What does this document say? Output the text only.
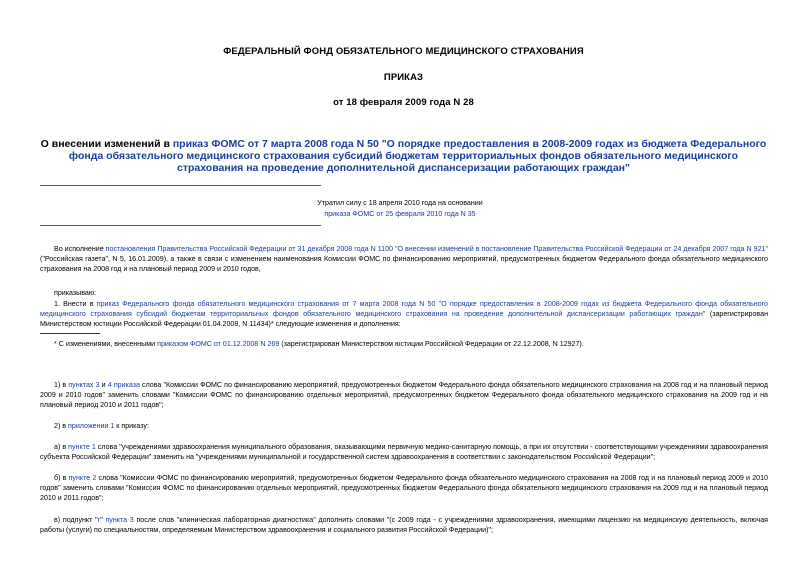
ФЕДЕРАЛЬНЫЙ ФОНД ОБЯЗАТЕЛЬНОГО МЕДИЦИНСКОГО СТРАХОВАНИЯ
ПРИКАЗ
от 18 февраля 2009 года N 28
О внесении изменений в приказ ФОМС от 7 марта 2008 года N 50 "О порядке предоставления в 2008-2009 годах из бюджета Федерального фонда обязательного медицинского страхования субсидий бюджетам территориальных фондов обязательного медицинского страхования на проведение дополнительной диспансеризации работающих граждан"
Утратил силу с 18 апреля 2010 года на основании
приказа ФОМС от 25 февраля 2010 года N 35
Во исполнение постановления Правительства Российской Федерации от 31 декабря 2008 года N 1100 "О внесении изменений в постановление Правительства Российской Федерации от 24 декабря 2007 года N 921" ("Российская газета", N 5, 16.01.2009), а также в связи с изменением наименования Комиссии ФОМС по финансированию мероприятий, предусмотренных бюджетом Федерального фонда обязательного медицинского страхования на 2008 год и на плановый период 2009 и 2010 годов,
приказываю:
1. Внести в приказ Федерального фонда обязательного медицинского страхования от 7 марта 2008 года N 50 "О порядке предоставления в 2008-2009 годах из бюджета Федерального фонда обязательного медицинского страхования субсидий бюджетам территориальных фондов обязательного медицинского страхования на проведение дополнительной диспансеризации работающих граждан" (зарегистрирован Министерством юстиции Российской Федерации 01.04.2008, N 11434)* следующие изменения и дополнения:
* С изменениями, внесенными приказом ФОМС от 01.12.2008 N 269 (зарегистрирован Министерством юстиции Российской Федерации от 22.12.2008, N 12927).
1) в пунктах 3 и 4 приказа слова "Комиссии ФОМС по финансированию мероприятий, предусмотренных бюджетом Федерального фонда обязательного медицинского страхования на 2008 год и на плановый период 2009 и 2010 годов" заменить словами "Комиссии ФОМС по финансированию отдельных мероприятий, предусмотренных бюджетом Федерального фонда обязательного медицинского страхования на 2009 год и на плановый период 2010 и 2011 годов";
2) в приложении 1 к приказу:
а) в пункте 1 слова "учреждениями здравоохранения муниципального образования, оказывающими первичную медико-санитарную помощь, а при их отсутствии - соответствующими учреждениями здравоохранения субъекта Российской Федерации" заменить на "учреждениями муниципальной и государственной систем здравоохранения в соответствии с законодательством Российской Федерации";
б) в пункте 2 слова "Комиссии ФОМС по финансированию мероприятий, предусмотренных бюджетом Федерального фонда обязательного медицинского страхования на 2008 год и на плановый период 2009 и 2010 годов" заменить словами "Комиссия ФОМС по финансированию отдельных мероприятий, предусмотренных бюджетом Федерального фонда обязательного медицинского страхования на 2009 год и на плановый период 2010 и 2011 годов";
в) подпункт "г" пункта 3 после слов "клиническая лабораторная диагностика" дополнить словами "(с 2009 года - с учреждениями здравоохранения, имеющими лицензию на медицинскую деятельность, включая работы (услуги) по специальностям, определяемым Министерством здравоохранения и социального развития Российской Федерации)";
